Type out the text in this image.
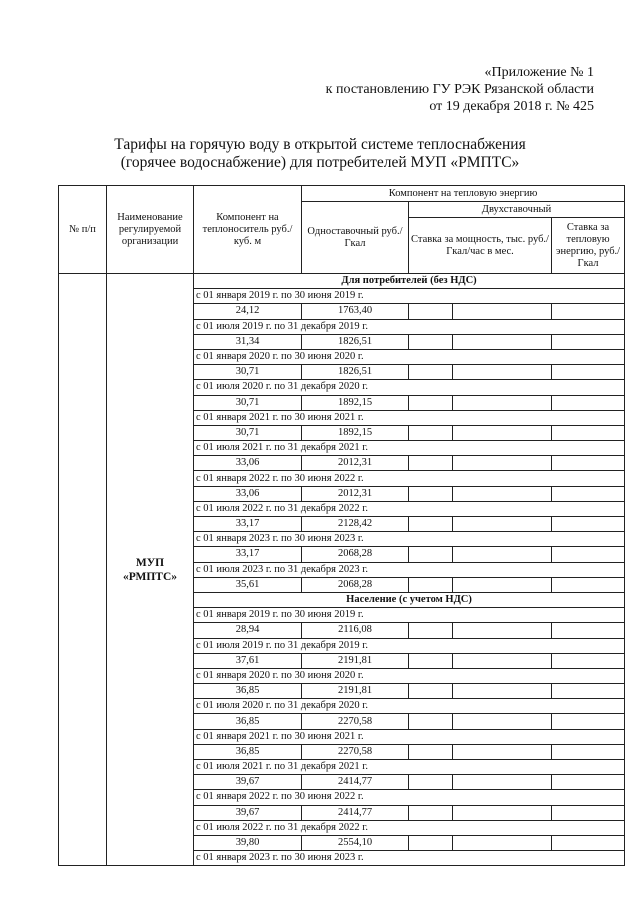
«Приложение № 1
к постановлению ГУ РЭК Рязанской области
от 19 декабря 2018 г. № 425
Тарифы на горячую воду в открытой системе теплоснабжения
(горячее водоснабжение) для потребителей МУП «РМПТС»
№ п/п	Наименование регулируемой организации	Компонент на теплоноситель руб./куб. м	Компонент на тепловую энергию			
			Одноставочный руб./Гкал	Двухставочный		
				Ставка за мощность, тыс. руб./Гкал/час в мес.		Ставка за тепловую энергию, руб./Гкал

	МУП
«РМПТС»	Для потребителей (без НДС)				
		с 01 января 2019 г. по 30 июня 2019 г.				
		24,12	1763,40			
		с 01 июля 2019 г. по 31 декабря 2019 г.				
		31,34	1826,51			
		с 01 января 2020 г. по 30 июня 2020 г.				
		30,71	1826,51			
		с 01 июля 2020 г. по 31 декабря 2020 г.				
		30,71	1892,15			
		с 01 января 2021 г. по 30 июня 2021 г.				
		30,71	1892,15			
		с 01 июля 2021 г. по 31 декабря 2021 г.				
		33,06	2012,31			
		с 01 января 2022 г. по 30 июня 2022 г.				
		33,06	2012,31			
		с 01 июля 2022 г. по 31 декабря 2022 г.				
		33,17	2128,42			
		с 01 января 2023 г. по 30 июня 2023 г.				
		33,17	2068,28			
		с 01 июля 2023 г. по 31 декабря 2023 г.				
		35,61	2068,28			
		Население (с учетом НДС)				
		с 01 января 2019 г. по 30 июня 2019 г.				
		28,94	2116,08			
		с 01 июля 2019 г. по 31 декабря 2019 г.				
		37,61	2191,81			
		с 01 января 2020 г. по 30 июня 2020 г.				
		36,85	2191,81			
		с 01 июля 2020 г. по 31 декабря 2020 г.				
		36,85	2270,58			
		с 01 января 2021 г. по 30 июня 2021 г.				
		36,85	2270,58			
		с 01 июля 2021 г. по 31 декабря 2021 г.				
		39,67	2414,77			
		с 01 января 2022 г. по 30 июня 2022 г.				
		39,67	2414,77			
		с 01 июля 2022 г. по 31 декабря 2022 г.				
		39,80	2554,10			
		с 01 января 2023 г. по 30 июня 2023 г.				
